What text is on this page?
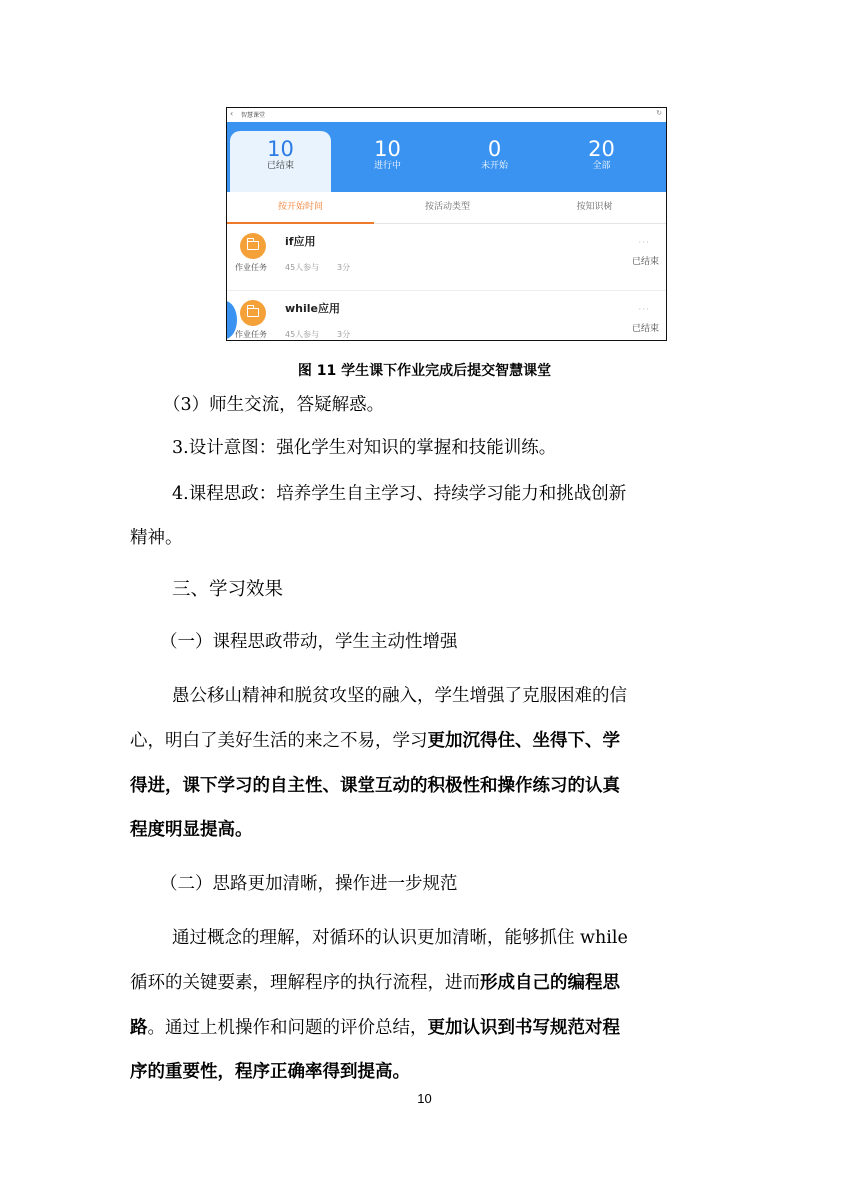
‹ 智慧课堂	↻
10
已结束
10
进行中
0
未开始
20
全部
按开始时间	按活动类型	按知识树
作业任务
if应用
45人参与 3分
···
已结束
作业任务
while应用
45人参与 3分
···
已结束
图 11 学生课下作业完成后提交智慧课堂
（3）师生交流，答疑解惑。
3.设计意图：强化学生对知识的掌握和技能训练。
4.课程思政：培养学生自主学习、持续学习能力和挑战创新
精神。
三、学习效果
（一）课程思政带动，学生主动性增强
愚公移山精神和脱贫攻坚的融入，学生增强了克服困难的信
心，明白了美好生活的来之不易，学习更加沉得住、坐得下、学
得进，课下学习的自主性、课堂互动的积极性和操作练习的认真
程度明显提高。
（二）思路更加清晰，操作进一步规范
通过概念的理解，对循环的认识更加清晰，能够抓住 while
循环的关键要素，理解程序的执行流程，进而形成自己的编程思
路。通过上机操作和问题的评价总结，更加认识到书写规范对程
序的重要性，程序正确率得到提高。
10
